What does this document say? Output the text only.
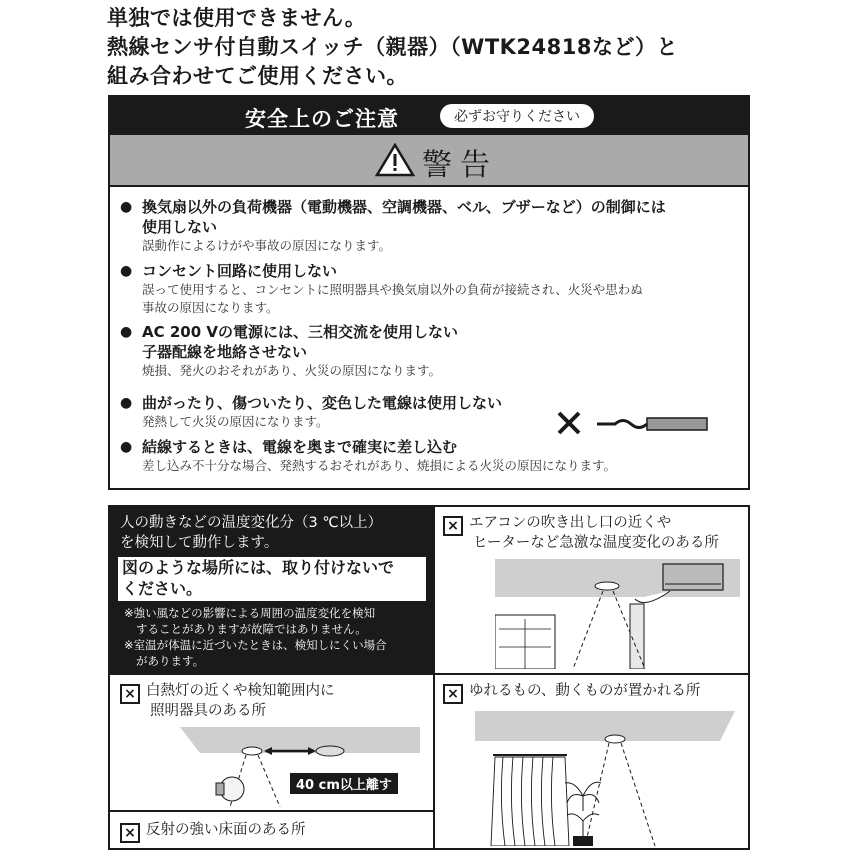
単独では使用できません。
熱線センサ付自動スイッチ（親器）（WTK24818など）と
組み合わせてご使用ください。
安全上のご注意	必ずお守りください
警告
● 換気扇以外の負荷機器（電動機器、空調機器、ベル、ブザーなど）の制御には
使用しない
誤動作によるけがや事故の原因になります。
● コンセント回路に使用しない
誤って使用すると、コンセントに照明器具や換気扇以外の負荷が接続され、火災や思わぬ
事故の原因になります。
● AC 200 Vの電源には、三相交流を使用しない
子器配線を地絡させない
焼損、発火のおそれがあり、火災の原因になります。
● 曲がったり、傷ついたり、変色した電線は使用しない
発熱して火災の原因になります。
● 結線するときは、電線を奥まで確実に差し込む
差し込み不十分な場合、発熱するおそれがあり、焼損による火災の原因になります。
人の動きなどの温度変化分（3 ℃以上）
を検知して動作します。
図のような場所には、取り付けないで
ください。
※強い風などの影響による周囲の温度変化を検知
することがありますが故障ではありません。
※室温が体温に近づいたときは、検知しにくい場合
があります。
× エアコンの吹き出し口の近くや
ヒーターなど急激な温度変化のある所
× 白熱灯の近くや検知範囲内に
照明器具のある所
40 cm以上離す
× ゆれるもの、動くものが置かれる所
× 反射の強い床面のある所
